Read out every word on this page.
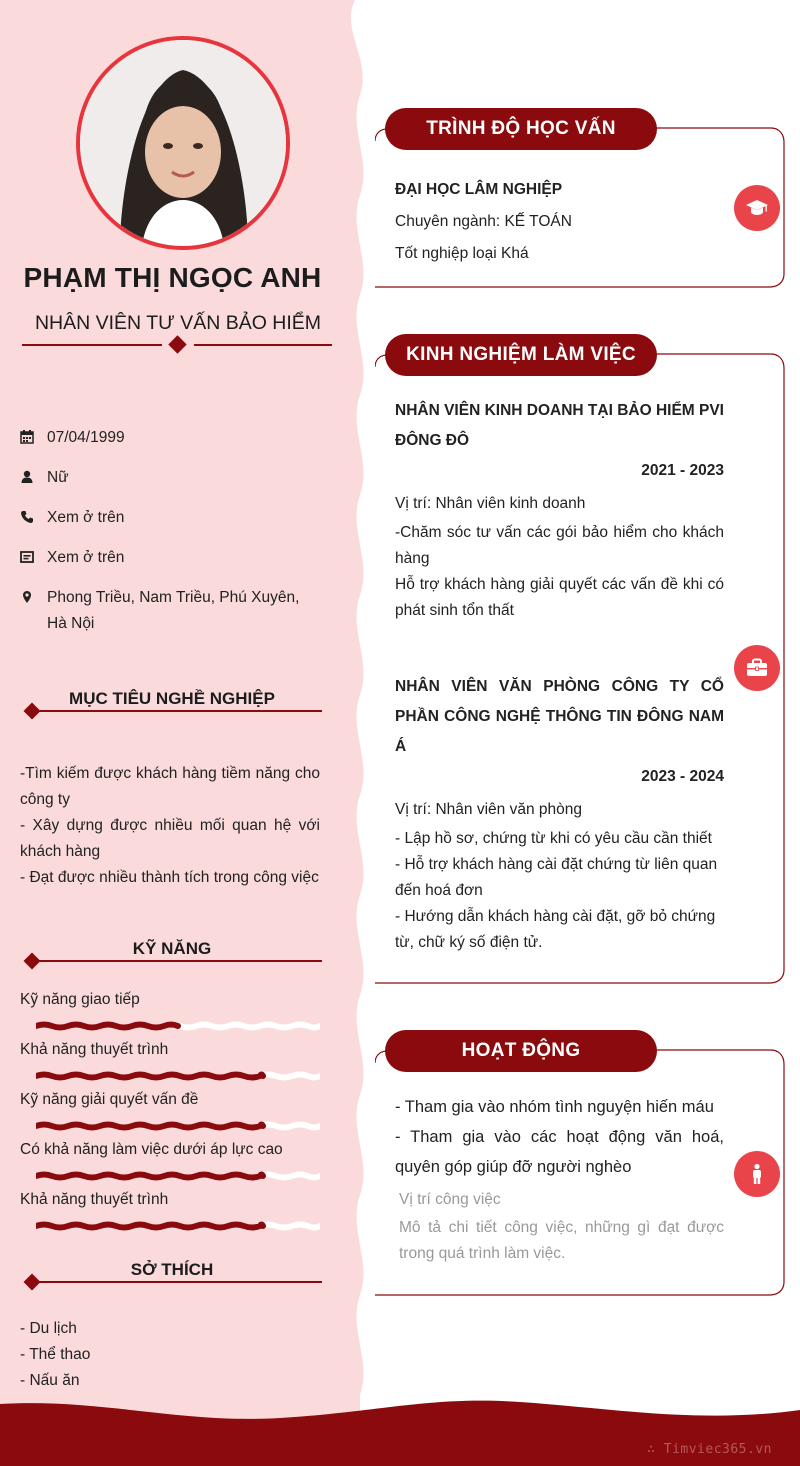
PHẠM THỊ NGỌC ANH
NHÂN VIÊN TƯ VẤN BẢO HIỂM
07/04/1999
Nữ
Xem ở trên
Xem ở trên
Phong Triều, Nam Triều, Phú Xuyên, Hà Nội
MỤC TIÊU NGHỀ NGHIỆP

-Tìm kiếm được khách hàng tiềm năng cho công ty

- Xây dựng được nhiều mối quan hệ với khách hàng

- Đạt được nhiều thành tích trong công việc

KỸ NĂNG
Kỹ năng giao tiếp
Khả năng thuyết trình
Kỹ năng giải quyết vấn đề
Có khả năng làm việc dưới áp lực cao
Khả năng thuyết trình
SỞ THÍCH
- Du lịch
- Thể thao
- Nấu ăn
TRÌNH ĐỘ HỌC VẤN
ĐẠI HỌC LÂM NGHIỆP
Chuyên ngành: KẾ TOÁN
Tốt nghiệp loại Khá
KINH NGHIỆM LÀM VIỆC
NHÂN VIÊN KINH DOANH TẠI BẢO HIỂM PVI ĐÔNG ĐÔ
2021 - 2023
Vị trí: Nhân viên kinh doanh
-Chăm sóc tư vấn các gói bảo hiểm cho khách hàng
Hỗ trợ khách hàng giải quyết các vấn đề khi có phát sinh tổn thất
NHÂN VIÊN VĂN PHÒNG CÔNG TY CỔ PHẦN CÔNG NGHỆ THÔNG TIN ĐÔNG NAM Á
2023 - 2024
Vị trí: Nhân viên văn phòng
- Lập hồ sơ, chứng từ khi có yêu cầu cần thiết
- Hỗ trợ khách hàng cài đặt chứng từ liên quan đến hoá đơn
- Hướng dẫn khách hàng cài đặt, gỡ bỏ chứng từ, chữ ký số điện tử.
HOẠT ĐỘNG
- Tham gia vào nhóm tình nguyện hiến máu
- Tham gia vào các hoạt động văn hoá, quyên góp giúp đỡ người nghèo
Vị trí công việc
Mô tả chi tiết công việc, những gì đạt được trong quá trình làm việc.
∴ Timviec365.vn
